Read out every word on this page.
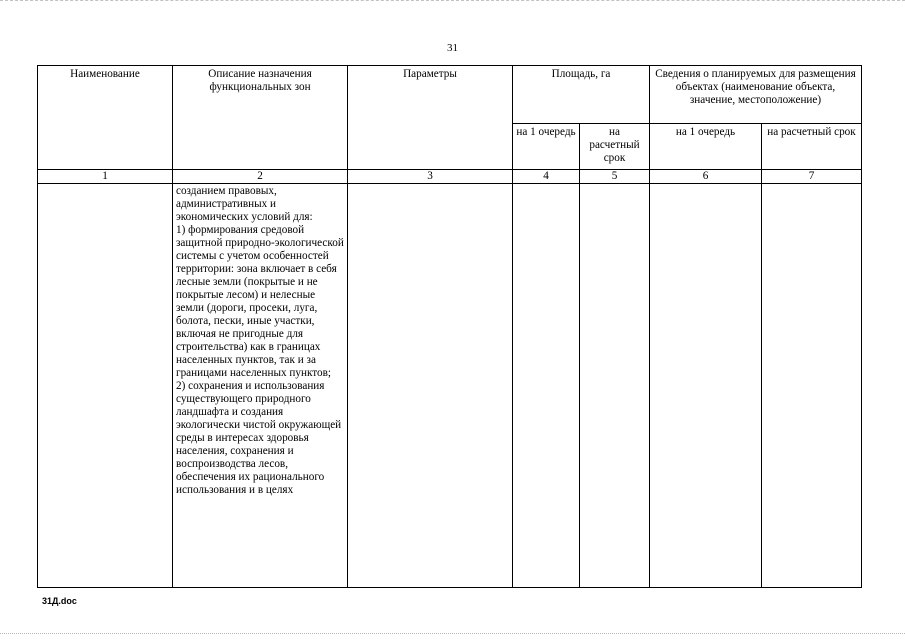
31
Наименование	Описание назначения функциональных зон	Параметры	Площадь, га		Сведения о планируемых для размещения объектах (наименование объекта, значение, местоположение)	
			на 1 очередь	на расчетный срок	на 1 очередь	на расчетный срок
1	2	3	4	5	6	7

	созданием правовых, административных и экономических условий для:

1) формирования средовой защитной природно-экологической системы с учетом особенностей территории: зона включает в себя лесные земли (покрытые и не покрытые лесом) и нелесные земли (дороги, просеки, луга, болота, пески, иные участки, включая не пригодные для строительства) как в границах населенных пунктов, так и за границами населенных пунктов;

2) сохранения и использования существующего природного ландшафта и создания экологически чистой окружающей среды в интересах здоровья населения, сохранения и воспроизводства лесов, обеспечения их рационального использования и в целях					

31Д.doc
